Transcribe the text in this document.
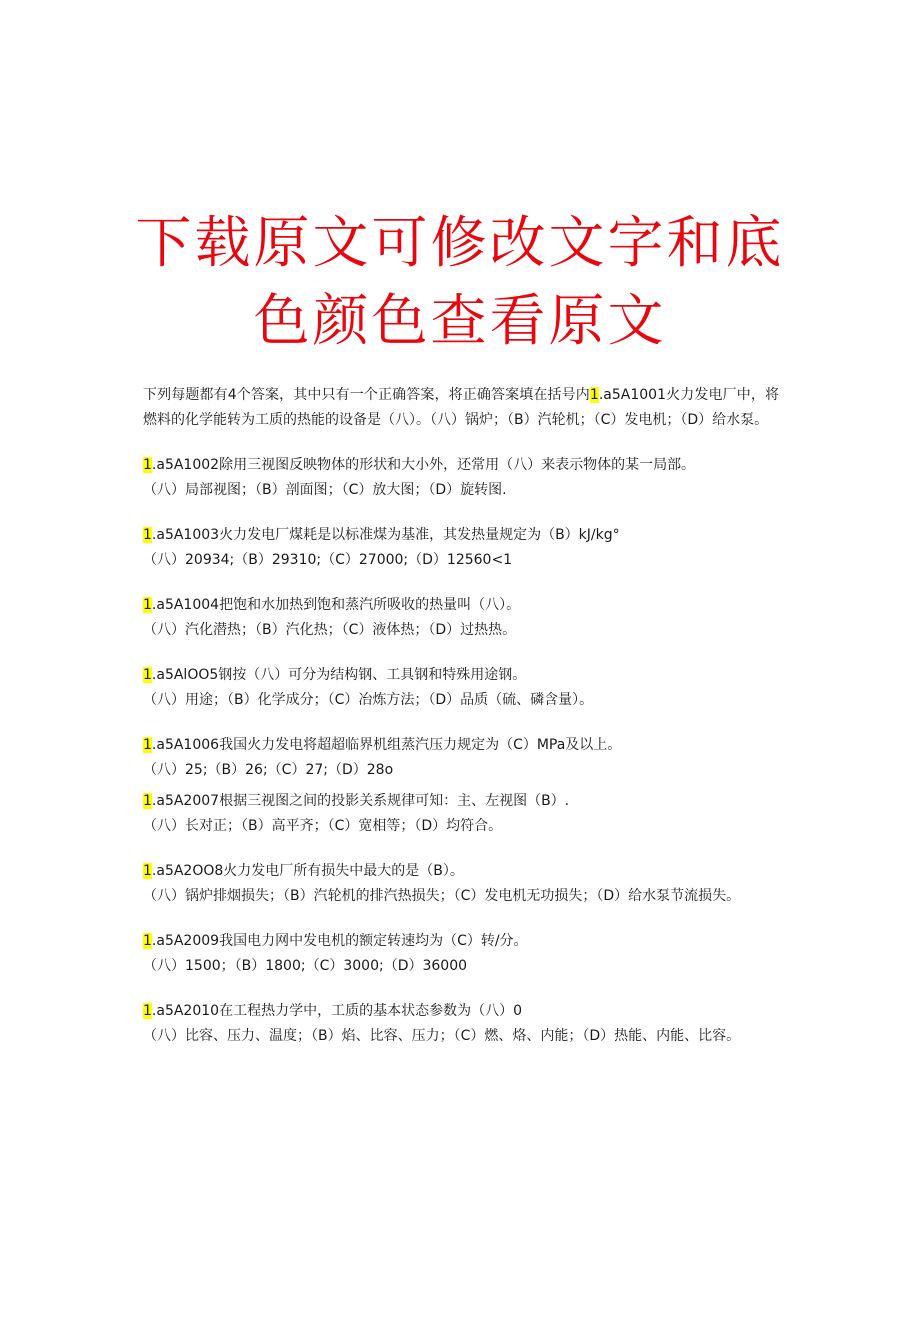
下载原文可修改文字和底
色颜色查看原文

下列每题都有4个答案，其中只有一个正确答案，将正确答案填在括号内1.a5A1001火力发电厂中，将燃料的化学能转为工质的热能的设备是（八）。（八）锅炉；（B）汽轮机；（C）发电机；（D）给水泵。

1.a5A1002除用三视图反映物体的形状和大小外，还常用（八）来表示物体的某一局部。

（八）局部视图；（B）剖面图；（C）放大图；（D）旋转图.

1.a5A1003火力发电厂煤耗是以标准煤为基准，其发热量规定为（B）kJ∕kg°

（八）20934;（B）29310;（C）27000;（D）12560<1

1.a5A1004把饱和水加热到饱和蒸汽所吸收的热量叫（八）。

（八）汽化潜热；（B）汽化热；（C）液体热；（D）过热热。

1.a5AlOO5钢按（八）可分为结构钢、工具钢和特殊用途钢。

（八）用途；（B）化学成分；（C）冶炼方法；（D）品质（硫、磷含量）。

1.a5A1006我国火力发电将超超临界机组蒸汽压力规定为（C）MPa及以上。

（八）25;（B）26;（C）27;（D）28o

1.a5A2007根据三视图之间的投影关系规律可知：主、左视图（B）.

（八）长对正；（B）高平齐；（C）宽相等；（D）均符合。

1.a5A2OO8火力发电厂所有损失中最大的是（B）。

（八）锅炉排烟损失；（B）汽轮机的排汽热损失；（C）发电机无功损失；（D）给水泵节流损失。

1.a5A2009我国电力网中发电机的额定转速均为（C）转/分。

（八）1500；（B）1800;（C）3000;（D）36000

1.a5A2010在工程热力学中，工质的基本状态参数为（八）0

（八）比容、压力、温度；（B）焰、比容、压力；（C）燃、烙、内能；（D）热能、内能、比容。
